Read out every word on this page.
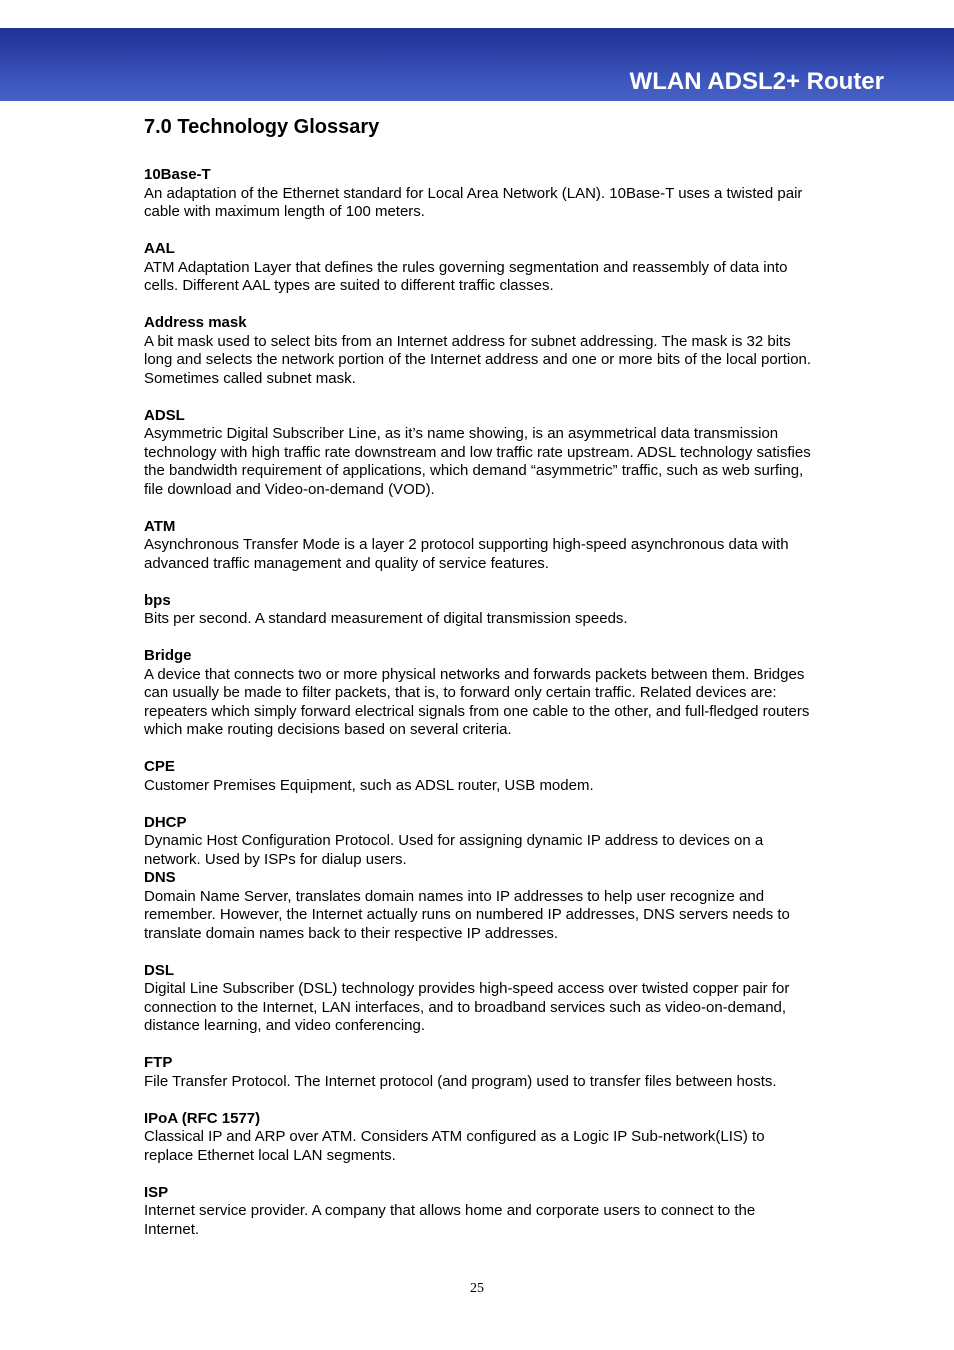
WLAN ADSL2+ Router
7.0 Technology Glossary
10Base-T
An adaptation of the Ethernet standard for Local Area Network (LAN). 10Base-T uses a twisted pair cable with maximum length of 100 meters.
AAL
ATM Adaptation Layer that defines the rules governing segmentation and reassembly of data into cells. Different AAL types are suited to different traffic classes.
Address mask
A bit mask used to select bits from an Internet address for subnet addressing. The mask is 32 bits long and selects the network portion of the Internet address and one or more bits of the local portion. Sometimes called subnet mask.
ADSL
Asymmetric Digital Subscriber Line, as it’s name showing, is an asymmetrical data transmission technology with high traffic rate downstream and low traffic rate upstream. ADSL technology satisfies the bandwidth requirement of applications, which demand “asymmetric” traffic, such as web surfing, file download and Video-on-demand (VOD).
ATM
Asynchronous Transfer Mode is a layer 2 protocol supporting high-speed asynchronous data with advanced traffic management and quality of service features.
bps
Bits per second. A standard measurement of digital transmission speeds.
Bridge
A device that connects two or more physical networks and forwards packets between them. Bridges can usually be made to filter packets, that is, to forward only certain traffic. Related devices are: repeaters which simply forward electrical signals from one cable to the other, and full-fledged routers which make routing decisions based on several criteria.
CPE
Customer Premises Equipment, such as ADSL router, USB modem.
DHCP
Dynamic Host Configuration Protocol. Used for assigning dynamic IP address to devices on a network. Used by ISPs for dialup users.
DNS
Domain Name Server, translates domain names into IP addresses to help user recognize and remember. However, the Internet actually runs on numbered IP addresses, DNS servers needs to translate domain names back to their respective IP addresses.
DSL
Digital Line Subscriber (DSL) technology provides high-speed access over twisted copper pair for connection to the Internet, LAN interfaces, and to broadband services such as video-on-demand, distance learning, and video conferencing.
FTP
File Transfer Protocol. The Internet protocol (and program) used to transfer files between hosts.
IPoA (RFC 1577)
Classical IP and ARP over ATM. Considers ATM configured as a Logic IP Sub-network(LIS) to replace Ethernet local LAN segments.
ISP
Internet service provider. A company that allows home and corporate users to connect to the Internet.
25
